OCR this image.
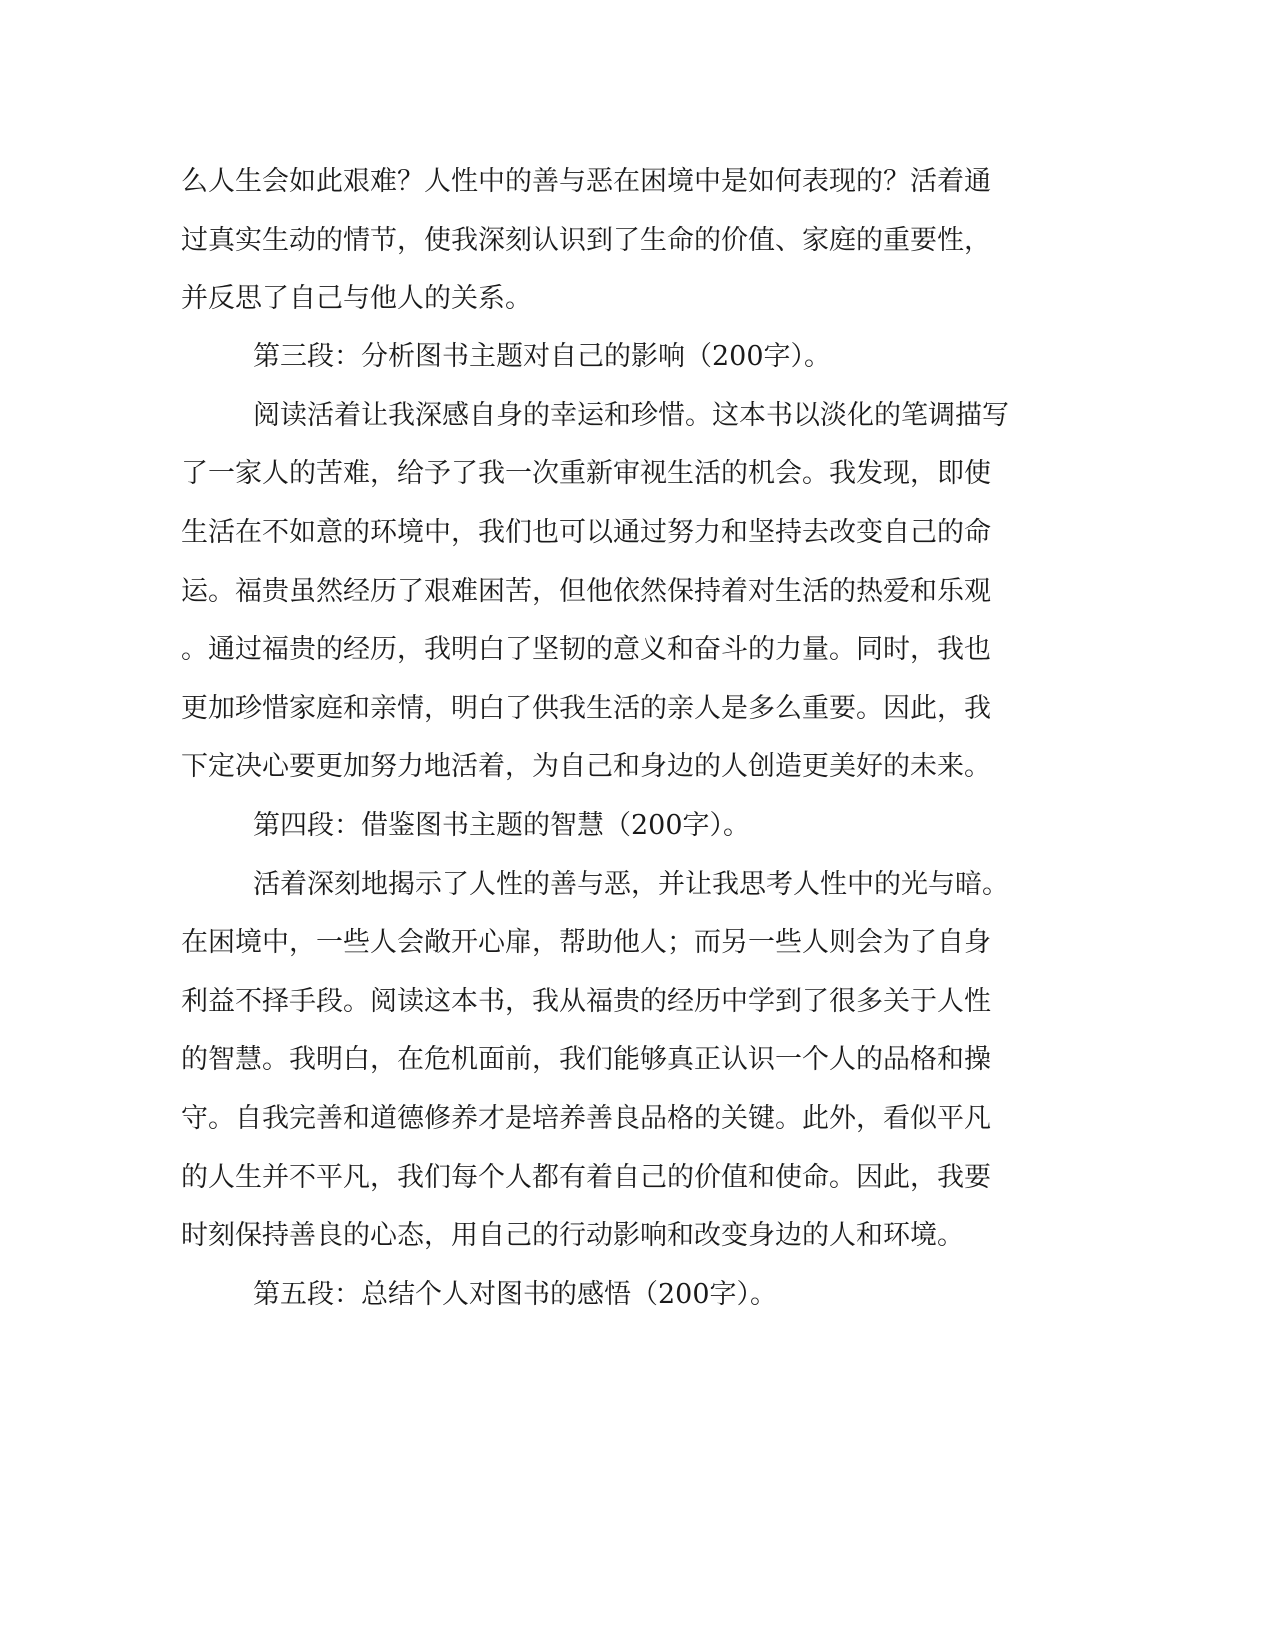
么人生会如此艰难？人性中的善与恶在困境中是如何表现的？活着通
过真实生动的情节，使我深刻认识到了生命的价值、家庭的重要性，
并反思了自己与他人的关系。
第三段：分析图书主题对自己的影响（200字）。
阅读活着让我深感自身的幸运和珍惜。这本书以淡化的笔调描写
了一家人的苦难，给予了我一次重新审视生活的机会。我发现，即使
生活在不如意的环境中，我们也可以通过努力和坚持去改变自己的命
运。福贵虽然经历了艰难困苦，但他依然保持着对生活的热爱和乐观
。通过福贵的经历，我明白了坚韧的意义和奋斗的力量。同时，我也
更加珍惜家庭和亲情，明白了供我生活的亲人是多么重要。因此，我
下定决心要更加努力地活着，为自己和身边的人创造更美好的未来。
第四段：借鉴图书主题的智慧（200字）。
活着深刻地揭示了人性的善与恶，并让我思考人性中的光与暗。
在困境中，一些人会敞开心扉，帮助他人；而另一些人则会为了自身
利益不择手段。阅读这本书，我从福贵的经历中学到了很多关于人性
的智慧。我明白，在危机面前，我们能够真正认识一个人的品格和操
守。自我完善和道德修养才是培养善良品格的关键。此外，看似平凡
的人生并不平凡，我们每个人都有着自己的价值和使命。因此，我要
时刻保持善良的心态，用自己的行动影响和改变身边的人和环境。
第五段：总结个人对图书的感悟（200字）。
